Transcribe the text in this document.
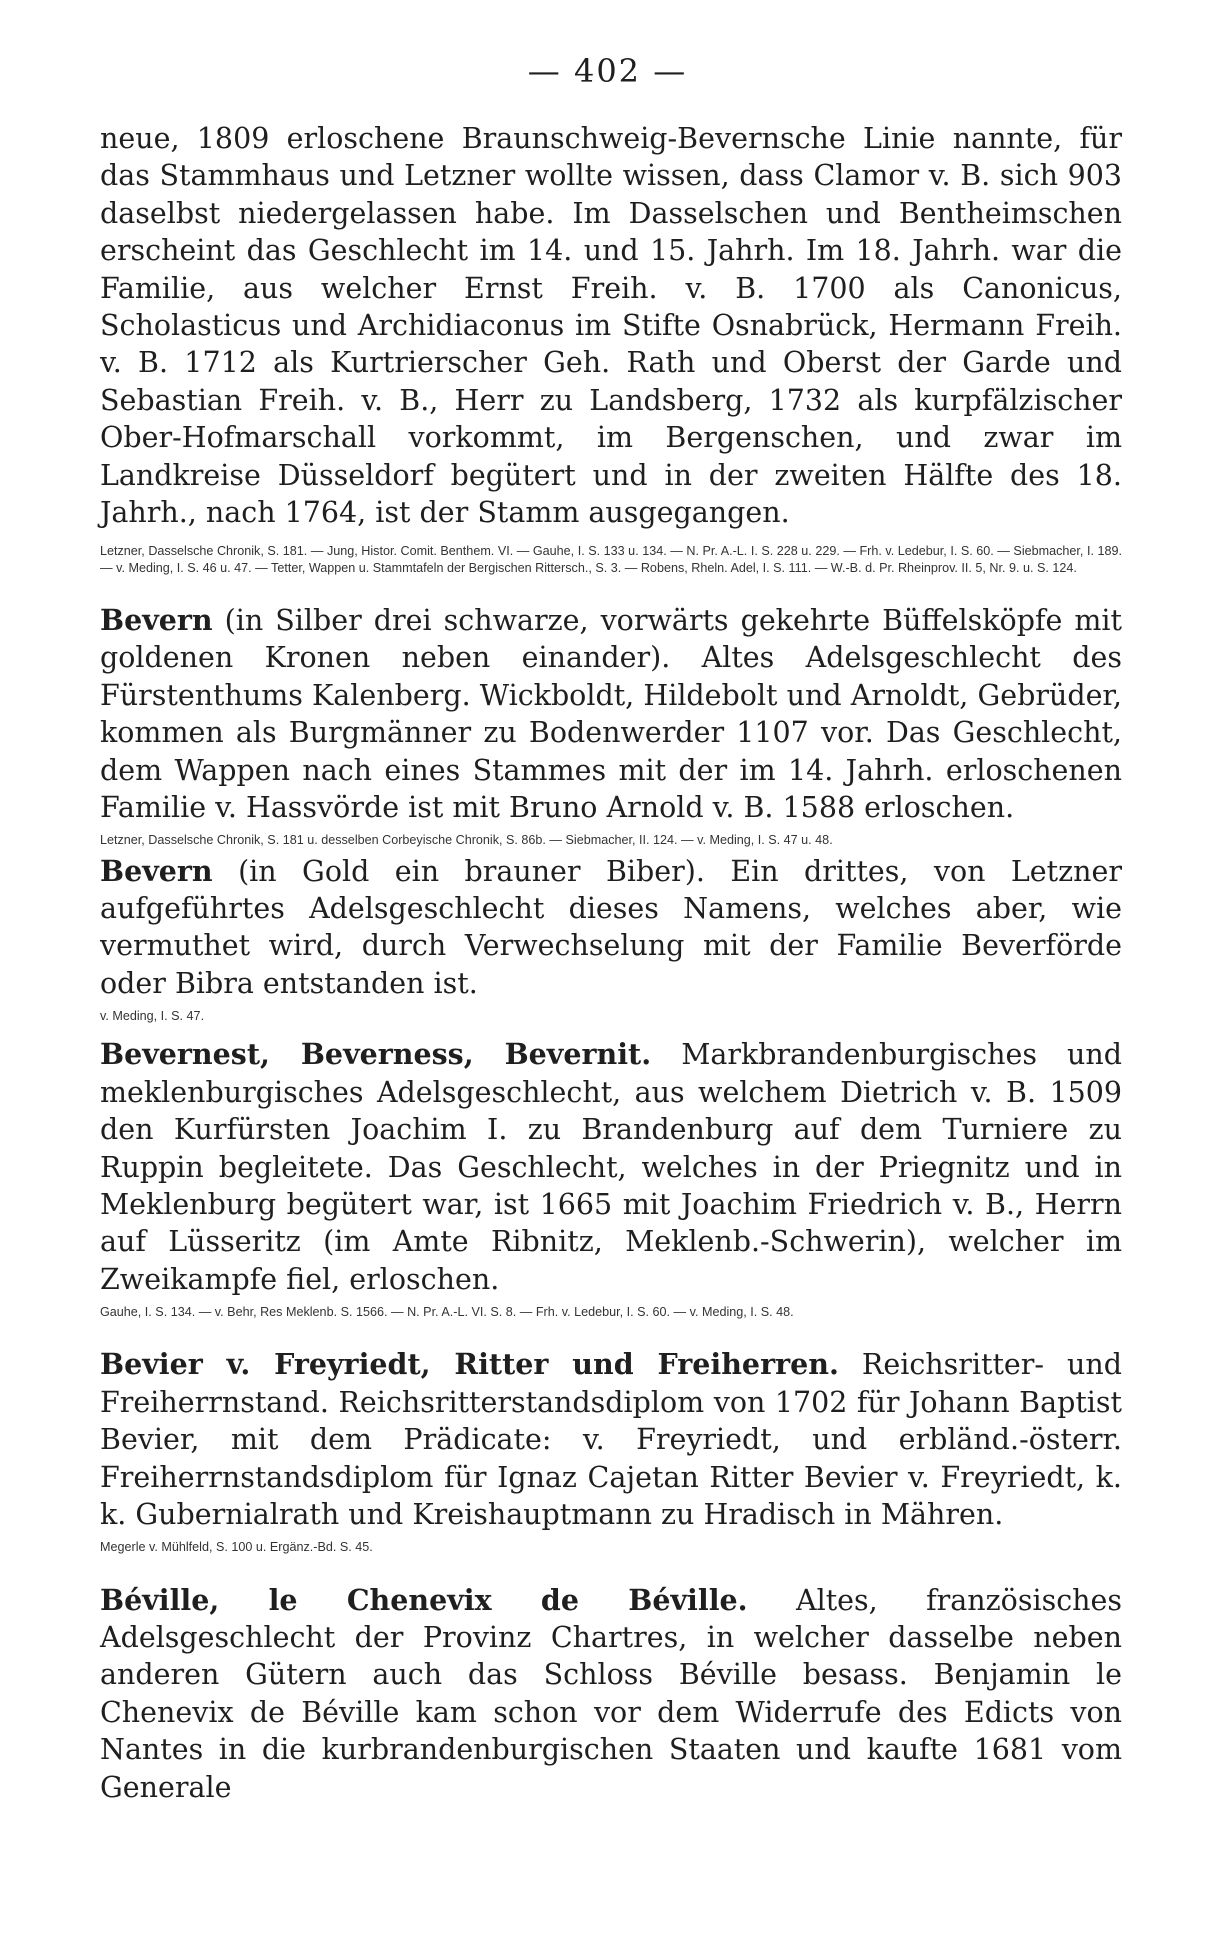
— 402 —

neue, 1809 erloschene Braunschweig-Bevernsche Linie nannte, für das Stammhaus und Letzner wollte wissen, dass Clamor v. B. sich 903 daselbst niedergelassen habe. Im Dasselschen und Bentheimschen erscheint das Geschlecht im 14. und 15. Jahrh. Im 18. Jahrh. war die Familie, aus welcher Ernst Freih. v. B. 1700 als Canonicus, Scholasticus und Archidiaconus im Stifte Osnabrück, Hermann Freih. v. B. 1712 als Kurtrierscher Geh. Rath und Oberst der Garde und Sebastian Freih. v. B., Herr zu Landsberg, 1732 als kurpfälzischer Ober-Hofmarschall vorkommt, im Bergenschen, und zwar im Landkreise Düsseldorf begütert und in der zweiten Hälfte des 18. Jahrh., nach 1764, ist der Stamm ausgegangen.

Letzner, Dasselsche Chronik, S. 181. — Jung, Histor. Comit. Benthem. VI. — Gauhe, I. S. 133 u. 134. — N. Pr. A.-L. I. S. 228 u. 229. — Frh. v. Ledebur, I. S. 60. — Siebmacher, I. 189. — v. Meding, I. S. 46 u. 47. — Tetter, Wappen u. Stammtafeln der Bergischen Rittersch., S. 3. — Robens, Rheln. Adel, I. S. 111. — W.-B. d. Pr. Rheinprov. II. 5, Nr. 9. u. S. 124.

Bevern (in Silber drei schwarze, vorwärts gekehrte Büffelsköpfe mit goldenen Kronen neben einander). Altes Adelsgeschlecht des Fürstenthums Kalenberg. Wickboldt, Hildebolt und Arnoldt, Gebrüder, kommen als Burgmänner zu Bodenwerder 1107 vor. Das Geschlecht, dem Wappen nach eines Stammes mit der im 14. Jahrh. erloschenen Familie v. Hassvörde ist mit Bruno Arnold v. B. 1588 erloschen.

Letzner, Dasselsche Chronik, S. 181 u. desselben Corbeyische Chronik, S. 86b. — Siebmacher, II. 124. — v. Meding, I. S. 47 u. 48.

Bevern (in Gold ein brauner Biber). Ein drittes, von Letzner aufgeführtes Adelsgeschlecht dieses Namens, welches aber, wie vermuthet wird, durch Verwechselung mit der Familie Beverförde oder Bibra entstanden ist.

v. Meding, I. S. 47.

Bevernest, Beverness, Bevernit. Markbrandenburgisches und meklenburgisches Adelsgeschlecht, aus welchem Dietrich v. B. 1509 den Kurfürsten Joachim I. zu Brandenburg auf dem Turniere zu Ruppin begleitete. Das Geschlecht, welches in der Priegnitz und in Meklenburg begütert war, ist 1665 mit Joachim Friedrich v. B., Herrn auf Lüsseritz (im Amte Ribnitz, Meklenb.-Schwerin), welcher im Zweikampfe fiel, erloschen.

Gauhe, I. S. 134. — v. Behr, Res Meklenb. S. 1566. — N. Pr. A.-L. VI. S. 8. — Frh. v. Ledebur, I. S. 60. — v. Meding, I. S. 48.

Bevier v. Freyriedt, Ritter und Freiherren. Reichsritter- und Freiherrnstand. Reichsritterstandsdiplom von 1702 für Johann Baptist Bevier, mit dem Prädicate: v. Freyriedt, und erbländ.-österr. Freiherrnstandsdiplom für Ignaz Cajetan Ritter Bevier v. Freyriedt, k. k. Gubernialrath und Kreishauptmann zu Hradisch in Mähren.

Megerle v. Mühlfeld, S. 100 u. Ergänz.-Bd. S. 45.

Béville, le Chenevix de Béville. Altes, französisches Adelsgeschlecht der Provinz Chartres, in welcher dasselbe neben anderen Gütern auch das Schloss Béville besass. Benjamin le Chenevix de Béville kam schon vor dem Widerrufe des Edicts von Nantes in die kurbrandenburgischen Staaten und kaufte 1681 vom Generale
